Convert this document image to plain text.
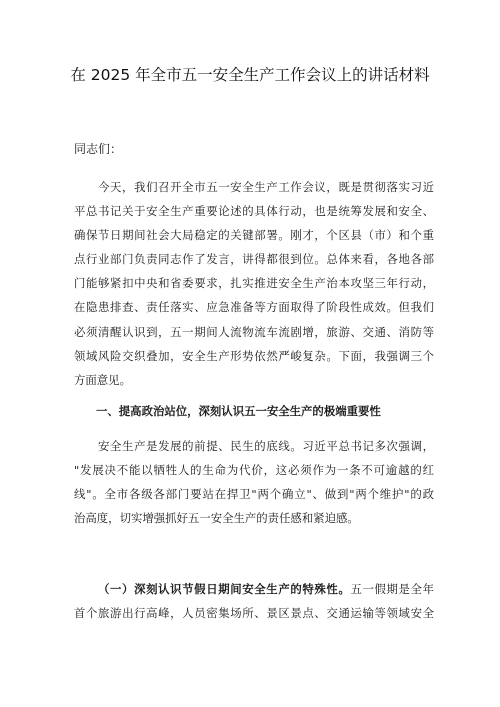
在 2025 年全市五一安全生产工作会议上的讲话材料
同志们：
今天，我们召开全市五一安全生产工作会议，既是贯彻落实习近
平总书记关于安全生产重要论述的具体行动，也是统筹发展和安全、
确保节日期间社会大局稳定的关键部署。刚才，个区县（市）和个重
点行业部门负责同志作了发言，讲得都很到位。总体来看，各地各部
门能够紧扣中央和省委要求，扎实推进安全生产治本攻坚三年行动，
在隐患排查、责任落实、应急准备等方面取得了阶段性成效。但我们
必须清醒认识到，五一期间人流物流车流剧增，旅游、交通、消防等
领域风险交织叠加，安全生产形势依然严峻复杂。下面，我强调三个
方面意见。
一、提高政治站位，深刻认识五一安全生产的极端重要性
安全生产是发展的前提、民生的底线。习近平总书记多次强调，
"发展决不能以牺牲人的生命为代价，这必须作为一条不可逾越的红
线"。全市各级各部门要站在捍卫"两个确立"、做到"两个维护"的政
治高度，切实增强抓好五一安全生产的责任感和紧迫感。
（一）深刻认识节假日期间安全生产的特殊性。五一假期是全年
首个旅游出行高峰，人员密集场所、景区景点、交通运输等领域安全
